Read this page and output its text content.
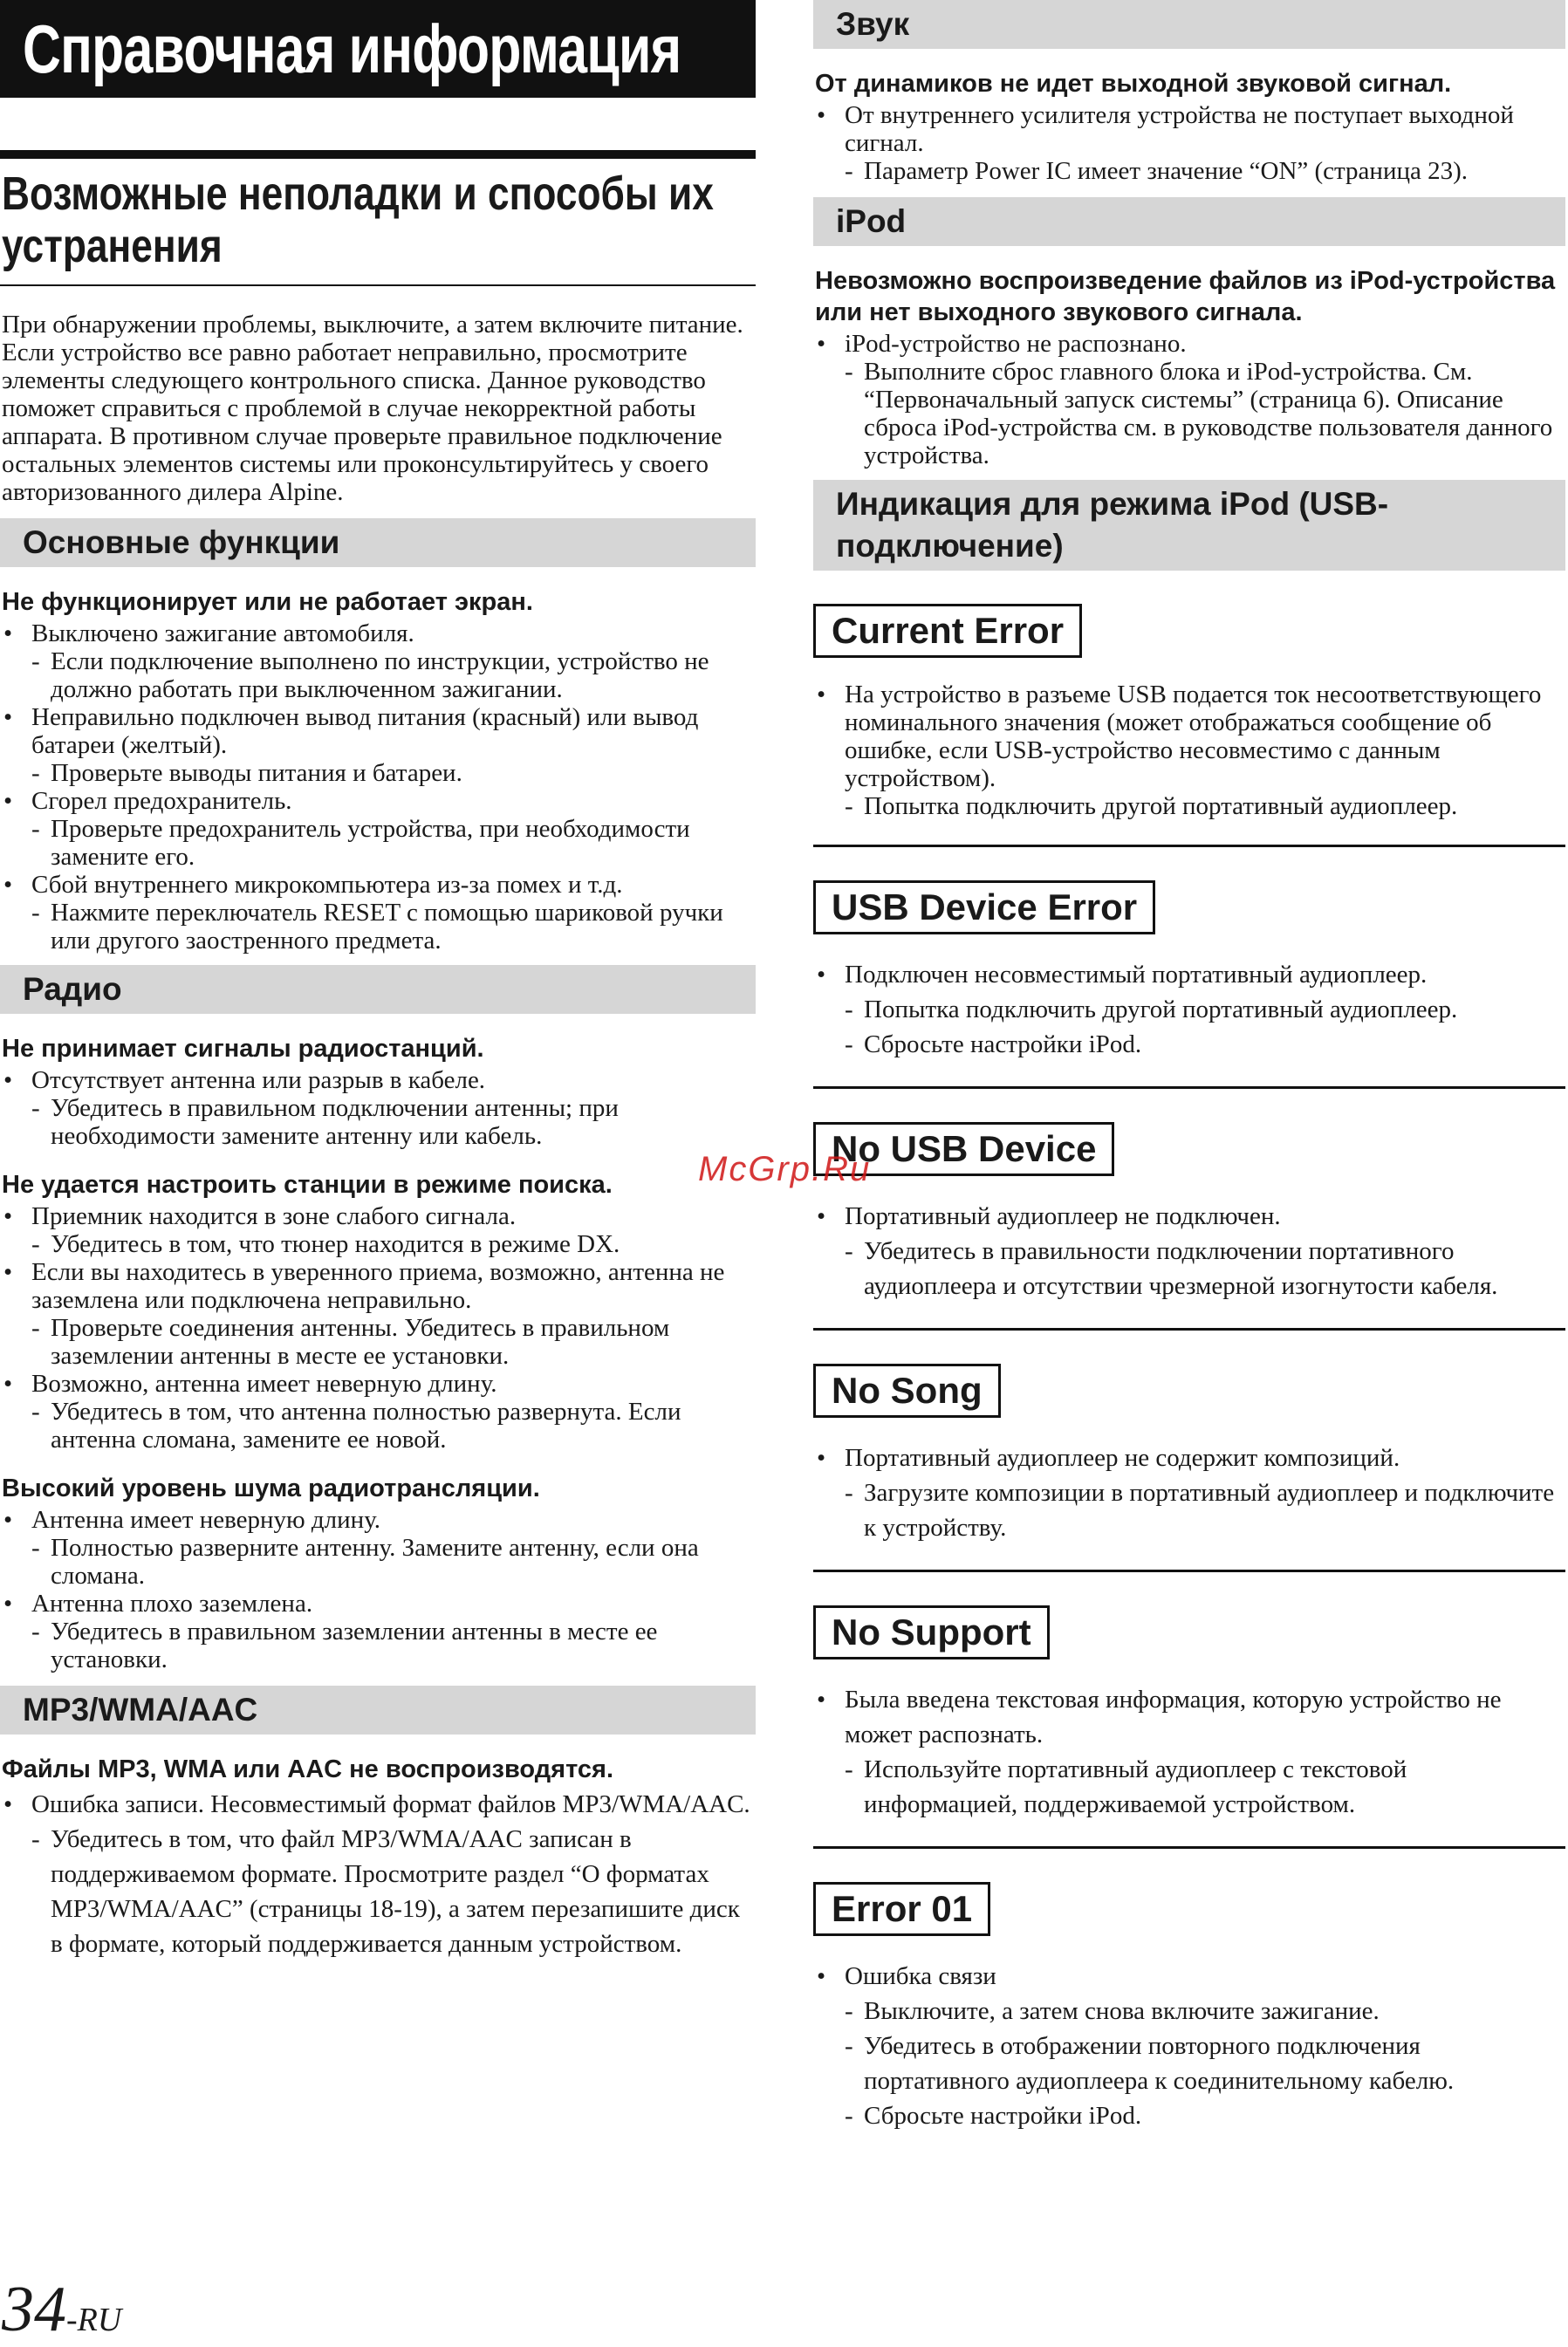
Справочная информация
Возможные неполадки и способы их устранения

При обнаружении проблемы, выключите, а затем включите питание. Если устройство все равно работает неправильно, просмотрите элементы следующего контрольного списка. Данное руководство поможет справиться с проблемой в случае некорректной работы аппарата. В противном случае проверьте правильное подключение остальных элементов системы или проконсультируйтесь у своего авторизованного дилера Alpine.

Основные функции
Не функционирует или не работает экран.

• Выключено зажигание автомобиля.

- Если подключение выполнено по инструкции, устройство не должно работать при выключенном зажигании.

• Неправильно подключен вывод питания (красный) или вывод батареи (желтый).

- Проверьте выводы питания и батареи.

• Сгорел предохранитель.

- Проверьте предохранитель устройства, при необходимости замените его.

• Сбой внутреннего микрокомпьютера из-за помех и т.д.

- Нажмите переключатель RESET с помощью шариковой ручки или другого заостренного предмета.

Радио
Не принимает сигналы радиостанций.

• Отсутствует антенна или разрыв в кабеле.

- Убедитесь в правильном подключении антенны; при необходимости замените антенну или кабель.

Не удается настроить станции в режиме поиска.

• Приемник находится в зоне слабого сигнала.

- Убедитесь в том, что тюнер находится в режиме DX.

• Если вы находитесь в уверенного приема, возможно, антенна не заземлена или подключена неправильно.

- Проверьте соединения антенны. Убедитесь в правильном заземлении антенны в месте ее установки.

• Возможно, антенна имеет неверную длину.

- Убедитесь в том, что антенна полностью развернута. Если антенна сломана, замените ее новой.

Высокий уровень шума радиотрансляции.

• Антенна имеет неверную длину.

- Полностью разверните антенну. Замените антенну, если она сломана.

• Антенна плохо заземлена.

- Убедитесь в правильном заземлении антенны в месте ее установки.

MP3/WMA/AAC
Файлы MP3, WMA или AAC не воспроизводятся.

• Ошибка записи. Несовместимый формат файлов MP3/WMA/AAC.

- Убедитесь в том, что файл MP3/WMA/AAC записан в поддерживаемом формате. Просмотрите раздел “О форматах MP3/WMA/AAC” (страницы 18-19), а затем перезапишите диск в формате, который поддерживается данным устройством.

Звук
От динамиков не идет выходной звуковой сигнал.

• От внутреннего усилителя устройства не поступает выходной сигнал.

- Параметр Power IC имеет значение “ON” (страница 23).

iPod
Невозможно воспроизведение файлов из iPod-устройства или нет выходного звукового сигнала.

• iPod-устройство не распознано.

- Выполните сброс главного блока и iPod-устройства. См. “Первоначальный запуск системы” (страница 6). Описание сброса iPod-устройства см. в руководстве пользователя данного устройства.

Индикация для режима iPod (USB-подключение)
Current Error

• На устройство в разъеме USB подается ток несоответствующего номинального значения (может отображаться сообщение об ошибке, если USB-устройство несовместимо с данным устройством).

- Попытка подключить другой портативный аудиоплеер.

USB Device Error

• Подключен несовместимый портативный аудиоплеер.

- Попытка подключить другой портативный аудиоплеер.

- Сбросьте настройки iPod.

No USB Device

• Портативный аудиоплеер не подключен.

- Убедитесь в правильности подключении портативного аудиоплеера и отсутствии чрезмерной изогнутости кабеля.

No Song

• Портативный аудиоплеер не содержит композиций.

- Загрузите композиции в портативный аудиоплеер и подключите к устройству.

No Support

• Была введена текстовая информация, которую устройство не может распознать.

- Используйте портативный аудиоплеер с текстовой информацией, поддерживаемой устройством.

Error 01

• Ошибка связи

- Выключите, а затем снова включите зажигание.

- Убедитесь в отображении повторного подключения портативного аудиоплеера к соединительному кабелю.

- Сбросьте настройки iPod.

McGrp.Ru
34-RU
